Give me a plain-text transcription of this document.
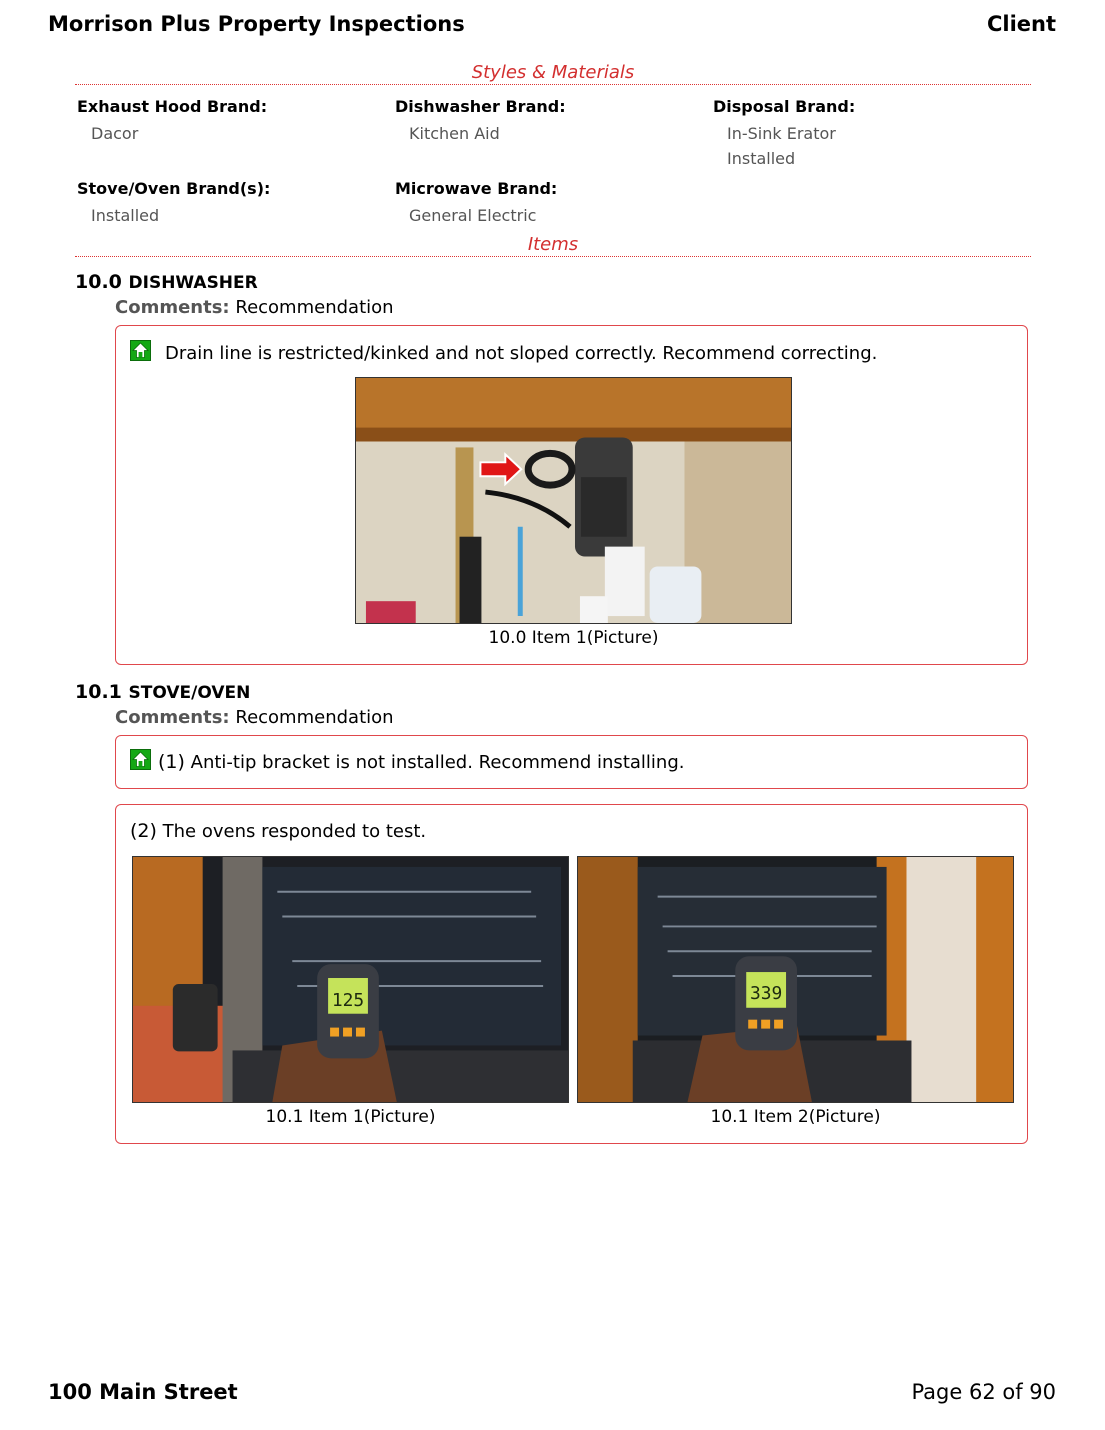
Morrison Plus Property Inspections	Client
Styles & Materials
Exhaust Hood Brand:
Dacor
Dishwasher Brand:
Kitchen Aid
Disposal Brand:
In-Sink Erator
Installed
Stove/Oven Brand(s):
Installed
Microwave Brand:
General Electric
Items
10.0 DISHWASHER
Comments: Recommendation
Drain line is restricted/kinked and not sloped correctly. Recommend correcting.
10.0 Item 1(Picture)
10.1 STOVE/OVEN
Comments: Recommendation
(1) Anti-tip bracket is not installed. Recommend installing.
(2) The ovens responded to test.
125
10.1 Item 1(Picture)
339
10.1 Item 2(Picture)
100 Main Street	Page 62 of 90
